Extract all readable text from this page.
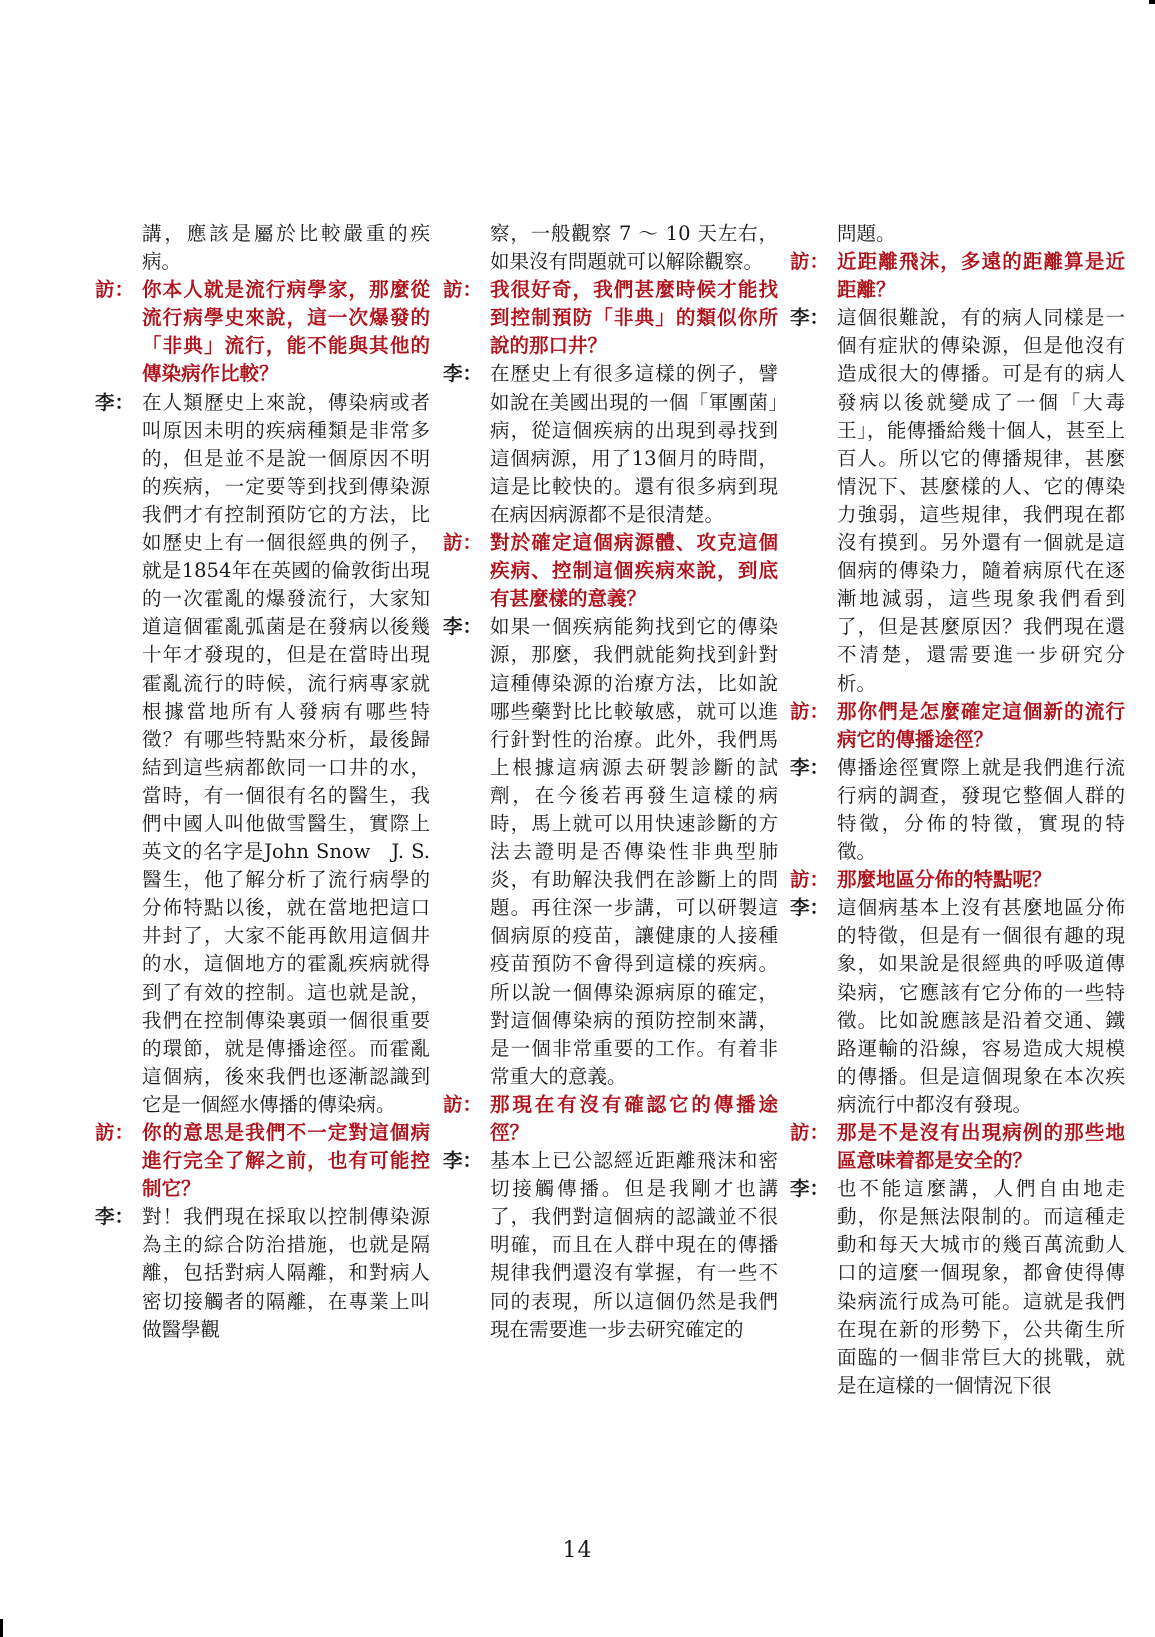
講，應該是屬於比較嚴重的疾病。

訪： 你本人就是流行病學家，那麼從流行病學史來說，這一次爆發的「非典」流行，能不能與其他的傳染病作比較？

李： 在人類歷史上來說，傳染病或者叫原因未明的疾病種類是非常多的，但是並不是說一個原因不明的疾病，一定要等到找到傳染源我們才有控制預防它的方法，比如歷史上有一個很經典的例子，就是1854年在英國的倫敦街出現的一次霍亂的爆發流行，大家知道這個霍亂弧菌是在發病以後幾十年才發現的，但是在當時出現霍亂流行的時候，流行病專家就根據當地所有人發病有哪些特徵？有哪些特點來分析，最後歸結到這些病都飲同一口井的水，當時，有一個很有名的醫生，我們中國人叫他做雪醫生，實際上英文的名字是John Snow　J. S.醫生，他了解分析了流行病學的分佈特點以後，就在當地把這口井封了，大家不能再飲用這個井的水，這個地方的霍亂疾病就得到了有效的控制。這也就是說，我們在控制傳染裏頭一個很重要的環節，就是傳播途徑。而霍亂這個病，後來我們也逐漸認識到它是一個經水傳播的傳染病。

訪： 你的意思是我們不一定對這個病進行完全了解之前，也有可能控制它？

李： 對！我們現在採取以控制傳染源為主的綜合防治措施，也就是隔離，包括對病人隔離，和對病人密切接觸者的隔離，在專業上叫做醫學觀

察，一般觀察 7 ～ 10 天左右，如果沒有問題就可以解除觀察。

訪： 我很好奇，我們甚麼時候才能找到控制預防「非典」的類似你所說的那口井？

李： 在歷史上有很多這樣的例子，譬如說在美國出現的一個「軍團菌」病，從這個疾病的出現到尋找到這個病源，用了13個月的時間，這是比較快的。還有很多病到現在病因病源都不是很清楚。

訪： 對於確定這個病源體、攻克這個疾病、控制這個疾病來說，到底有甚麼樣的意義？

李： 如果一個疾病能夠找到它的傳染源，那麼，我們就能夠找到針對這種傳染源的治療方法，比如說哪些藥對比比較敏感，就可以進行針對性的治療。此外，我們馬上根據這病源去研製診斷的試劑，在今後若再發生這樣的病時，馬上就可以用快速診斷的方法去證明是否傳染性非典型肺炎，有助解決我們在診斷上的問題。再往深一步講，可以研製這個病原的疫苗，讓健康的人接種疫苗預防不會得到這樣的疾病。所以說一個傳染源病原的確定，對這個傳染病的預防控制來講，是一個非常重要的工作。有着非常重大的意義。

訪： 那現在有沒有確認它的傳播途徑？

李： 基本上已公認經近距離飛沫和密切接觸傳播。但是我剛才也講了，我們對這個病的認識並不很明確，而且在人群中現在的傳播規律我們還沒有掌握，有一些不同的表現，所以這個仍然是我們現在需要進一步去研究確定的

問題。

訪： 近距離飛沫，多遠的距離算是近距離？

李： 這個很難說，有的病人同樣是一個有症狀的傳染源，但是他沒有造成很大的傳播。可是有的病人發病以後就變成了一個「大毒王」，能傳播給幾十個人，甚至上百人。所以它的傳播規律，甚麼情況下、甚麼樣的人、它的傳染力強弱，這些規律，我們現在都沒有摸到。另外還有一個就是這個病的傳染力，隨着病原代在逐漸地減弱，這些現象我們看到了，但是甚麼原因？我們現在還不清楚，還需要進一步研究分析。

訪： 那你們是怎麼確定這個新的流行病它的傳播途徑？

李： 傳播途徑實際上就是我們進行流行病的調查，發現它整個人群的特徵，分佈的特徵，實現的特徵。

訪： 那麼地區分佈的特點呢？

李： 這個病基本上沒有甚麼地區分佈的特徵，但是有一個很有趣的現象，如果說是很經典的呼吸道傳染病，它應該有它分佈的一些特徵。比如說應該是沿着交通、鐵路運輸的沿線，容易造成大規模的傳播。但是這個現象在本次疾病流行中都沒有發現。

訪： 那是不是沒有出現病例的那些地區意味着都是安全的？

李： 也不能這麼講，人們自由地走動，你是無法限制的。而這種走動和每天大城市的幾百萬流動人口的這麼一個現象，都會使得傳染病流行成為可能。這就是我們在現在新的形勢下，公共衛生所面臨的一個非常巨大的挑戰，就是在這樣的一個情況下很

14
